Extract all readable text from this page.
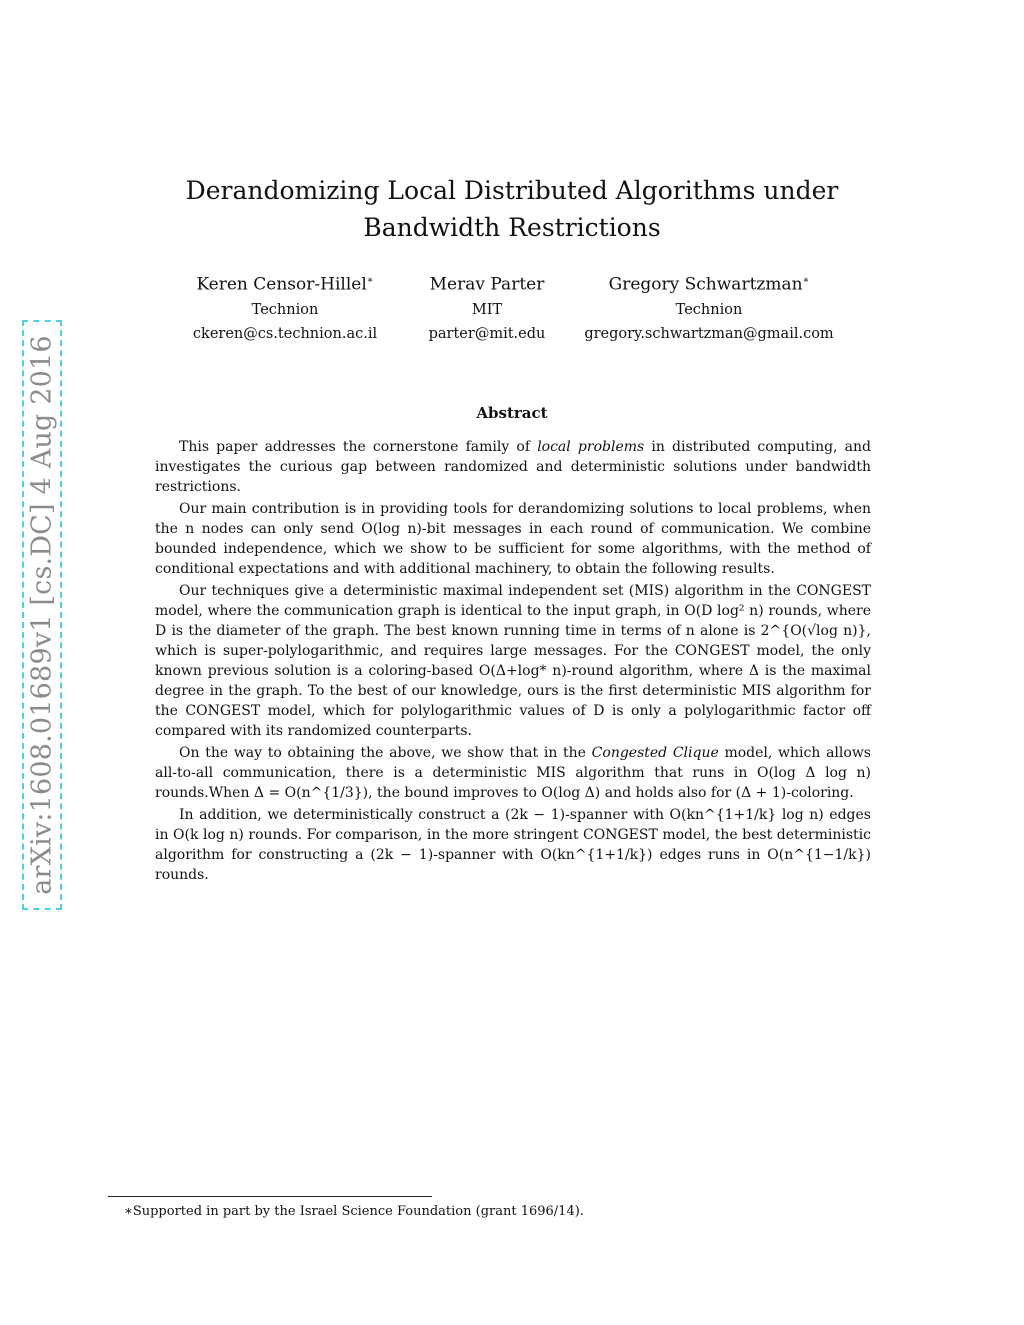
arXiv:1608.01689v1 [cs.DC] 4 Aug 2016
Derandomizing Local Distributed Algorithms under
Bandwidth Restrictions
Keren Censor-Hillel∗
Technion
ckeren@cs.technion.ac.il
Merav Parter
MIT
parter@mit.edu
Gregory Schwartzman∗
Technion
gregory.schwartzman@gmail.com
Abstract

This paper addresses the cornerstone family of local problems in distributed computing, and investigates the curious gap between randomized and deterministic solutions under bandwidth restrictions.

Our main contribution is in providing tools for derandomizing solutions to local problems, when the n nodes can only send O(log n)-bit messages in each round of communication. We combine bounded independence, which we show to be sufficient for some algorithms, with the method of conditional expectations and with additional machinery, to obtain the following results.

Our techniques give a deterministic maximal independent set (MIS) algorithm in the CONGEST model, where the communication graph is identical to the input graph, in O(D log² n) rounds, where D is the diameter of the graph. The best known running time in terms of n alone is 2^{O(√log n)}, which is super-polylogarithmic, and requires large messages. For the CONGEST model, the only known previous solution is a coloring-based O(Δ+log* n)-round algorithm, where Δ is the maximal degree in the graph. To the best of our knowledge, ours is the first deterministic MIS algorithm for the CONGEST model, which for polylogarithmic values of D is only a polylogarithmic factor off compared with its randomized counterparts.

On the way to obtaining the above, we show that in the Congested Clique model, which allows all-to-all communication, there is a deterministic MIS algorithm that runs in O(log Δ log n) rounds.When Δ = O(n^{1/3}), the bound improves to O(log Δ) and holds also for (Δ + 1)-coloring.

In addition, we deterministically construct a (2k − 1)-spanner with O(kn^{1+1/k} log n) edges in O(k log n) rounds. For comparison, in the more stringent CONGEST model, the best deterministic algorithm for constructing a (2k − 1)-spanner with O(kn^{1+1/k}) edges runs in O(n^{1−1/k}) rounds.

∗Supported in part by the Israel Science Foundation (grant 1696/14).
